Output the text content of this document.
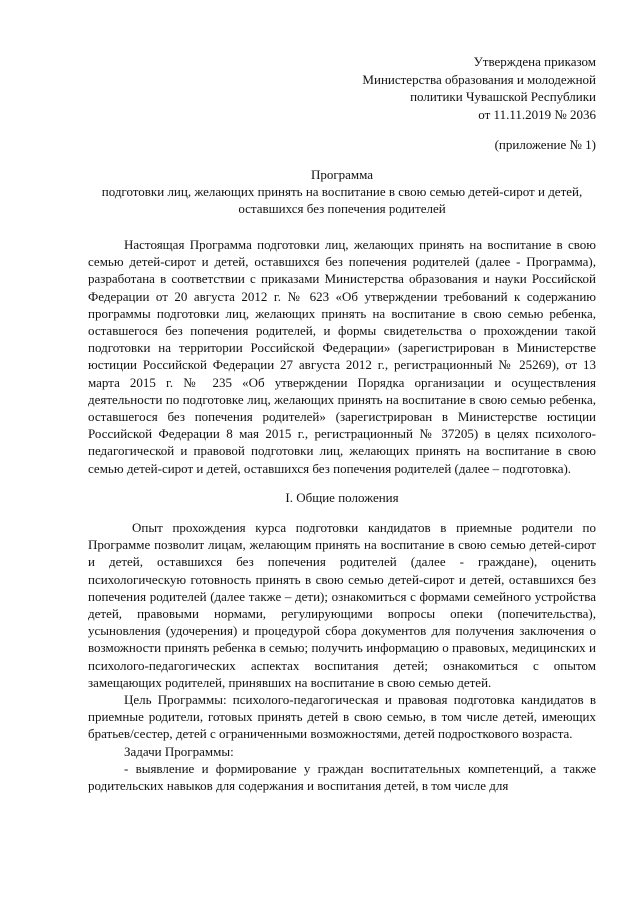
Утверждена приказом
Министерства образования и молодежной
политики Чувашской Республики
от 11.11.2019 № 2036
(приложение № 1)
Программа
подготовки лиц, желающих принять на воспитание в свою семью детей-сирот и детей, оставшихся без попечения родителей

Настоящая Программа подготовки лиц, желающих принять на воспитание в свою семью детей-сирот и детей, оставшихся без попечения родителей (далее - Программа), разработана в соответствии с приказами Министерства образования и науки Российской Федерации от 20 августа 2012 г. № 623 «Об утверждении требований к содержанию программы подготовки лиц, желающих принять на воспитание в свою семью ребенка, оставшегося без попечения родителей, и формы свидетельства о прохождении такой подготовки на территории Российской Федерации» (зарегистрирован в Министерстве юстиции Российской Федерации 27 августа 2012 г., регистрационный № 25269), от 13 марта 2015 г. № 235 «Об утверждении Порядка организации и осуществления деятельности по подготовке лиц, желающих принять на воспитание в свою семью ребенка, оставшегося без попечения родителей» (зарегистрирован в Министерстве юстиции Российской Федерации 8 мая 2015 г., регистрационный № 37205) в целях психолого-педагогической и правовой подготовки лиц, желающих принять на воспитание в свою семью детей-сирот и детей, оставшихся без попечения родителей (далее – подготовка).

I. Общие положения

Опыт прохождения курса подготовки кандидатов в приемные родители по Программе позволит лицам, желающим принять на воспитание в свою семью детей-сирот и детей, оставшихся без попечения родителей (далее - граждане), оценить психологическую готовность принять в свою семью детей-сирот и детей, оставшихся без попечения родителей (далее также – дети); ознакомиться с формами семейного устройства детей, правовыми нормами, регулирующими вопросы опеки (попечительства), усыновления (удочерения) и процедурой сбора документов для получения заключения о возможности принять ребенка в семью; получить информацию о правовых, медицинских и психолого-педагогических аспектах воспитания детей; ознакомиться с опытом замещающих родителей, принявших на воспитание в свою семью детей.

Цель Программы: психолого-педагогическая и правовая подготовка кандидатов в приемные родители, готовых принять детей в свою семью, в том числе детей, имеющих братьев/сестер, детей с ограниченными возможностями, детей подросткового возраста.

Задачи Программы:

- выявление и формирование у граждан воспитательных компетенций, а также родительских навыков для содержания и воспитания детей, в том числе для
